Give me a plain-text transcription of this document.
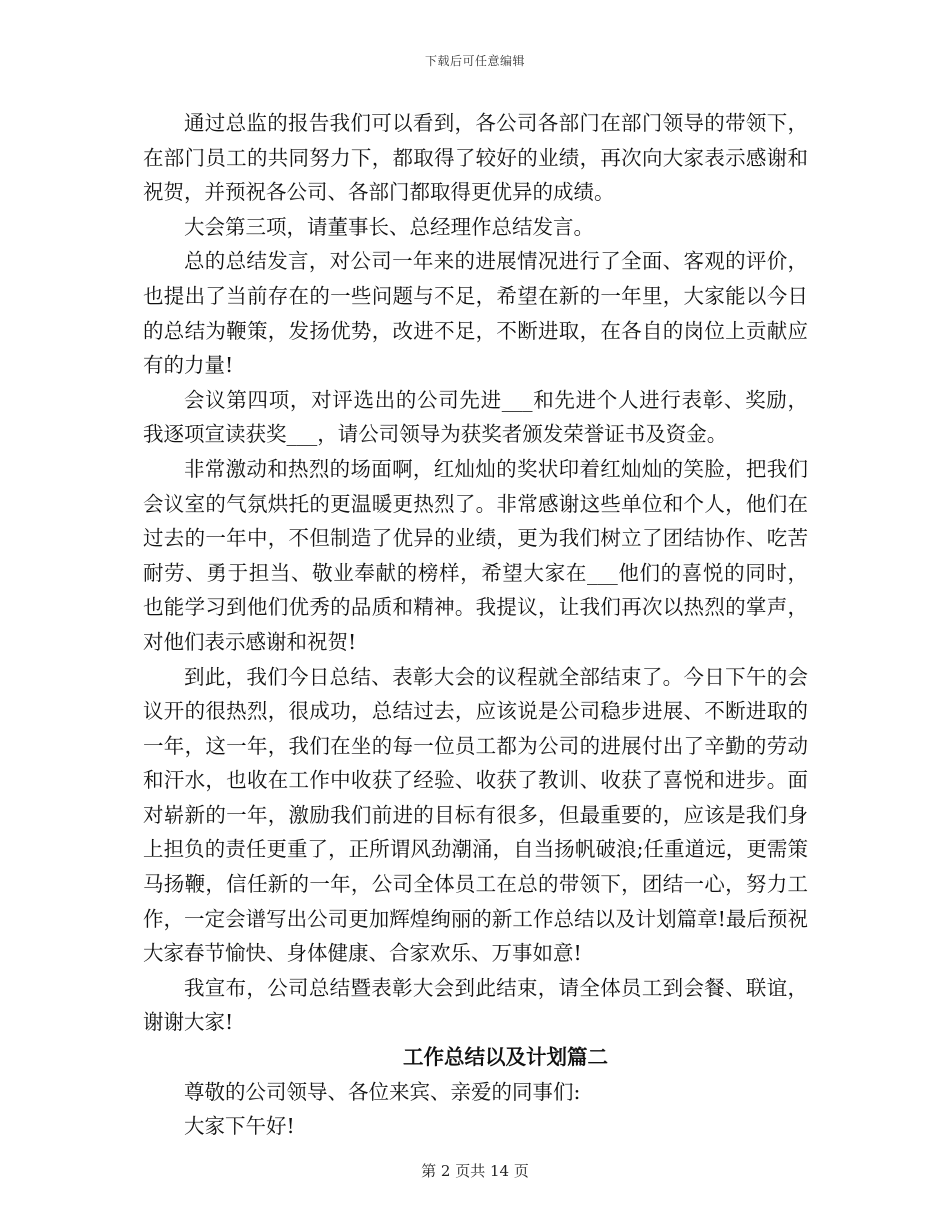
下载后可任意编辑

通过总监的报告我们可以看到，各公司各部门在部门领导的带领下，在部门员工的共同努力下，都取得了较好的业绩，再次向大家表示感谢和祝贺，并预祝各公司、各部门都取得更优异的成绩。

大会第三项，请董事长、总经理作总结发言。

总的总结发言，对公司一年来的进展情况进行了全面、客观的评价，也提出了当前存在的一些问题与不足，希望在新的一年里，大家能以今日的总结为鞭策，发扬优势，改进不足，不断进取，在各自的岗位上贡献应有的力量!

会议第四项，对评选出的公司先进___和先进个人进行表彰、奖励，我逐项宣读获奖___，请公司领导为获奖者颁发荣誉证书及资金。

非常激动和热烈的场面啊，红灿灿的奖状印着红灿灿的笑脸，把我们会议室的气氛烘托的更温暖更热烈了。非常感谢这些单位和个人，他们在过去的一年中，不但制造了优异的业绩，更为我们树立了团结协作、吃苦耐劳、勇于担当、敬业奉献的榜样，希望大家在___他们的喜悦的同时，也能学习到他们优秀的品质和精神。我提议，让我们再次以热烈的掌声，对他们表示感谢和祝贺!

到此，我们今日总结、表彰大会的议程就全部结束了。今日下午的会议开的很热烈，很成功，总结过去，应该说是公司稳步进展、不断进取的一年，这一年，我们在坐的每一位员工都为公司的进展付出了辛勤的劳动和汗水，也收在工作中收获了经验、收获了教训、收获了喜悦和进步。面对崭新的一年，激励我们前进的目标有很多，但最重要的，应该是我们身上担负的责任更重了，正所谓风劲潮涌，自当扬帆破浪;任重道远，更需策马扬鞭，信任新的一年，公司全体员工在总的带领下，团结一心，努力工作，一定会谱写出公司更加辉煌绚丽的新工作总结以及计划篇章!最后预祝大家春节愉快、身体健康、合家欢乐、万事如意!

我宣布，公司总结暨表彰大会到此结束，请全体员工到会餐、联谊，谢谢大家!

工作总结以及计划篇二

尊敬的公司领导、各位来宾、亲爱的同事们:

大家下午好!

第 2 页共 14 页
